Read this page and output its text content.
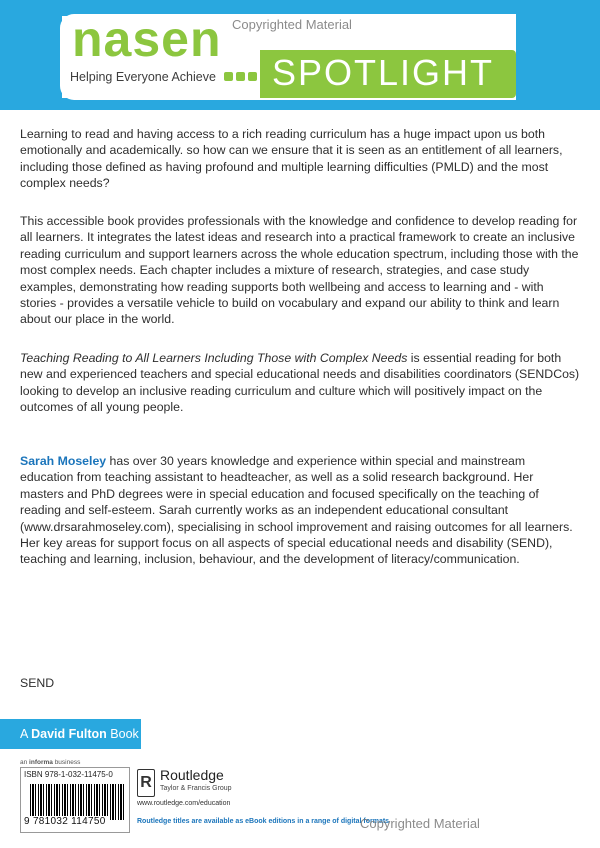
nasen
Helping Everyone Achieve SPOTLIGHT
Copyrighted Material

Learning to read and having access to a rich reading curriculum has a huge impact upon us both emotionally and academically. so how can we ensure that it is seen as an entitlement of all learners, including those defined as having profound and multiple learning difficulties (PMLD) and the most complex needs?

This accessible book provides professionals with the knowledge and confidence to develop reading for all learners. It integrates the latest ideas and research into a practical framework to create an inclusive reading curriculum and support learners across the whole education spectrum, including those with the most complex needs. Each chapter includes a mixture of research, strategies, and case study examples, demonstrating how reading supports both wellbeing and access to learning and - with stories - provides a versatile vehicle to build on vocabulary and expand our ability to think and learn about our place in the world.

Teaching Reading to All Learners Including Those with Complex Needs is essential reading for both new and experienced teachers and special educational needs and disabilities coordinators (SENDCos) looking to develop an inclusive reading curriculum and culture which will positively impact on the outcomes of all young people.

Sarah Moseley has over 30 years knowledge and experience within special and mainstream education from teaching assistant to headteacher, as well as a solid research background. Her masters and PhD degrees were in special education and focused specifically on the teaching of reading and self-esteem. Sarah currently works as an independent educational consultant (www.drsarahmoseley.com), specialising in school improvement and raising outcomes for all learners. Her key areas for support focus on all aspects of special educational needs and disability (SEND), teaching and learning, inclusion, behaviour, and the development of literacy/communication.

SEND
A David Fulton Book
an informa business
ISBN 978-1-032-11475-0
9 781032 114750
R Routledge
Taylor & Francis Group
www.routledge.com/education
Routledge titles are available as eBook editions in a range of digital formats
Copyrighted Material
